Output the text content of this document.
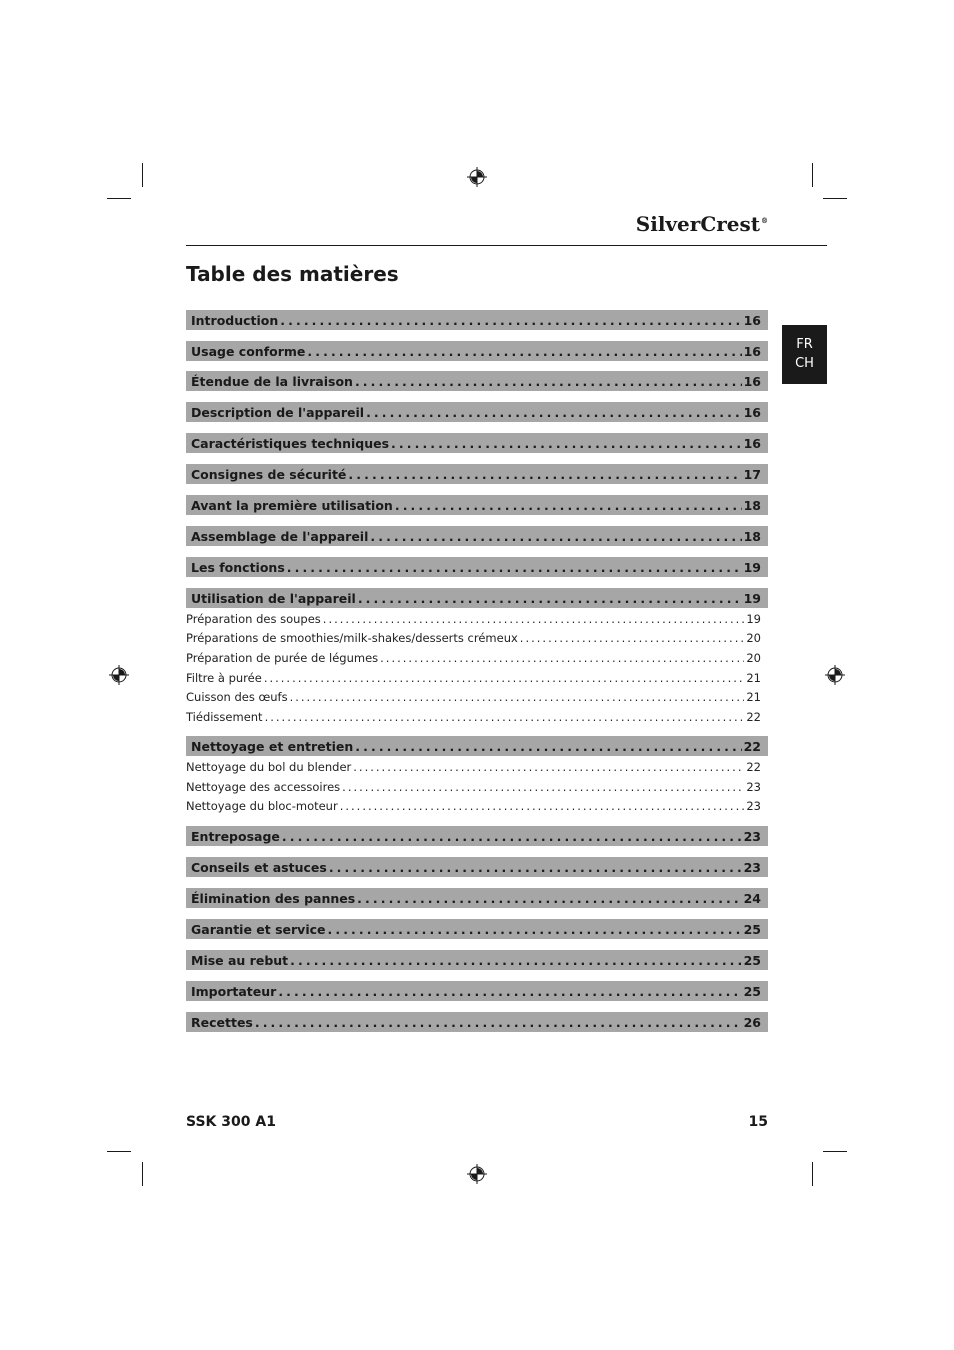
SilverCrest®
Table des matières
FR
CH
Introduction .....	16
Usage conforme .....	16
Étendue de la livraison .....	16
Description de l'appareil .....	16
Caractéristiques techniques .....	16
Consignes de sécurité .....	17
Avant la première utilisation .....	18
Assemblage de l'appareil .....	18
Les fonctions .....	19
Utilisation de l'appareil .....	19
Préparation des soupes .....	19
Préparations de smoothies/milk-shakes/desserts crémeux .....	20
Préparation de purée de légumes .....	20
Filtre à purée .....	21
Cuisson des œufs .....	21
Tiédissement .....	22
Nettoyage et entretien .....	22
Nettoyage du bol du blender .....	22
Nettoyage des accessoires .....	23
Nettoyage du bloc-moteur .....	23
Entreposage .....	23
Conseils et astuces .....	23
Élimination des pannes .....	24
Garantie et service .....	25
Mise au rebut .....	25
Importateur .....	25
Recettes .....	26
SSK 300 A1	15
